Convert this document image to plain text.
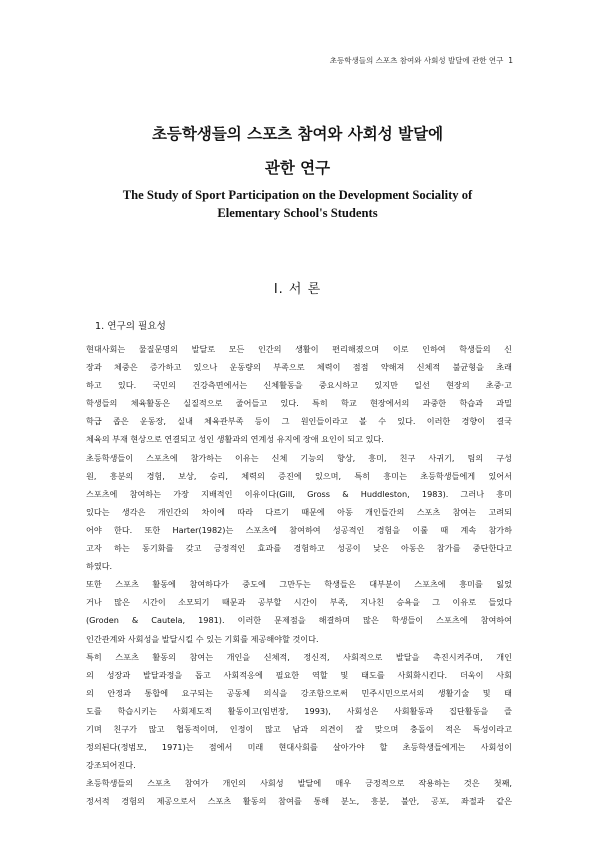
초등학생들의 스포츠 참여와 사회성 발달에 관한 연구 1
초등학생들의 스포츠 참여와 사회성 발달에
관한 연구
The Study of Sport Participation on the Development Sociality of
Elementary School's Students
Ⅰ. 서 론
1. 연구의 필요성
현대사회는 물질문명의 발달로 모든 인간의 생활이 편리해졌으며 이로 인하여 학생들의 신
장과 체중은 증가하고 있으나 운동량의 부족으로 체력이 점점 약해져 신체적 불균형을 초래
하고 있다. 국민의 건강측면에서는 신체활동을 중요시하고 있지만 일선 현장의 초중·고
학생들의 체육활동은 실질적으로 줄어들고 있다. 특히 학교 현장에서의 과중한 학습과 과밀
학급 좁은 운동장, 실내 체육관부족 등이 그 원인들이라고 볼 수 있다. 이러한 경향이 결국
체육의 부재 현상으로 연결되고 성인 생활과의 연계성 유지에 장애 요인이 되고 있다.
초등학생들이 스포츠에 참가하는 이유는 신체 기능의 향상, 흥미, 친구 사귀기, 팀의 구성
원, 흥분의 경험, 보상, 승리, 체력의 증진에 있으며, 특히 흥미는 초등학생들에게 있어서
스포츠에 참여하는 가장 지배적인 이유이다(Gill, Gross & Huddleston, 1983). 그러나 흥미
있다는 생각은 개인간의 차이에 따라 다르기 때문에 아동 개인들간의 스포츠 참여는 고려되
어야 한다. 또한 Harter(1982)는 스포츠에 참여하여 성공적인 경험을 이룰 때 계속 참가하
고자 하는 동기화를 갖고 긍정적인 효과를 경험하고 성공이 낮은 아동은 참가를 중단한다고
하였다.
또한 스포츠 활동에 참여하다가 중도에 그만두는 학생들은 대부분이 스포츠에 흥미를 잃었
거나 많은 시간이 소모되기 때문과 공부할 시간이 부족, 지나친 승욕을 그 이유로 들었다
(Groden & Cautela, 1981). 이러한 문제점을 해결하며 많은 학생들이 스포츠에 참여하여
인간관계와 사회성을 발달시킬 수 있는 기회를 제공해야할 것이다.
특히 스포츠 활동의 참여는 개인을 신체적, 정신적, 사회적으로 발달을 촉진시켜주며, 개인
의 성장과 발달과정을 돕고 사회적응에 필요한 역할 및 태도를 사회화시킨다. 더욱이 사회
의 안정과 통합에 요구되는 공동체 의식을 강조함으로써 민주시민으로서의 생활기술 및 태
도를 학습시키는 사회제도적 활동이고(임번장, 1993), 사회성은 사회활동과 집단활동을 즐
기며 친구가 많고 협동적이며, 인정이 많고 남과 의견이 잘 맞으며 충돌이 적은 특성이라고
정의된다(정범모, 1971)는 점에서 미래 현대사회를 살아가야 할 초등학생들에게는 사회성이
강조되어진다.
초등학생들의 스포츠 참여가 개인의 사회성 발달에 매우 긍정적으로 작용하는 것은 첫째,
정서적 경험의 제공으로서 스포츠 활동의 참여를 통해 분노, 흥분, 불안, 공포, 좌절과 같은
